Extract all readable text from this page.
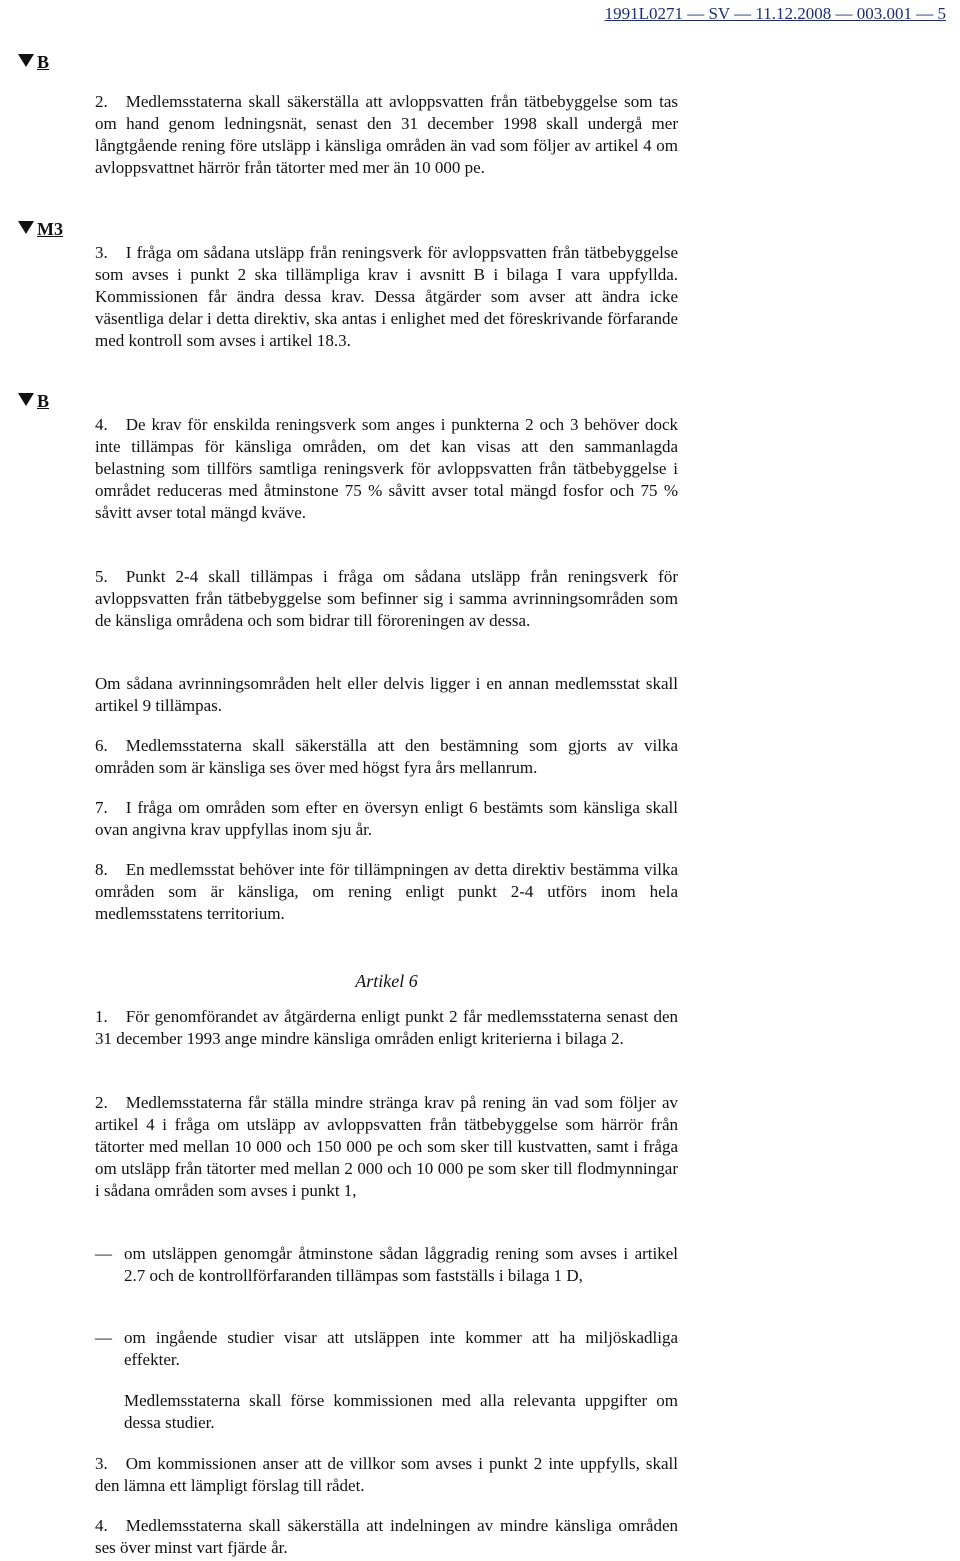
1991L0271 — SV — 11.12.2008 — 003.001 — 5
B
M3
B

2. Medlemsstaterna skall säkerställa att avloppsvatten från tätbebyggelse som tas om hand genom ledningsnät, senast den 31 december 1998 skall undergå mer långtgående rening före utsläpp i känsliga områden än vad som följer av artikel 4 om avloppsvattnet härrör från tätorter med mer än 10 000 pe.

3. I fråga om sådana utsläpp från reningsverk för avloppsvatten från tätbebyggelse som avses i punkt 2 ska tillämpliga krav i avsnitt B i bilaga I vara uppfyllda. Kommissionen får ändra dessa krav. Dessa åtgärder som avser att ändra icke väsentliga delar i detta direktiv, ska antas i enlighet med det föreskrivande förfarande med kontroll som avses i artikel 18.3.

4. De krav för enskilda reningsverk som anges i punkterna 2 och 3 behöver dock inte tillämpas för känsliga områden, om det kan visas att den sammanlagda belastning som tillförs samtliga reningsverk för avloppsvatten från tätbebyggelse i området reduceras med åtminstone 75 % såvitt avser total mängd fosfor och 75 % såvitt avser total mängd kväve.

5. Punkt 2-4 skall tillämpas i fråga om sådana utsläpp från reningsverk för avloppsvatten från tätbebyggelse som befinner sig i samma avrinningsområden som de känsliga områdena och som bidrar till föroreningen av dessa.

Om sådana avrinningsområden helt eller delvis ligger i en annan medlemsstat skall artikel 9 tillämpas.

6. Medlemsstaterna skall säkerställa att den bestämning som gjorts av vilka områden som är känsliga ses över med högst fyra års mellanrum.

7. I fråga om områden som efter en översyn enligt 6 bestämts som känsliga skall ovan angivna krav uppfyllas inom sju år.

8. En medlemsstat behöver inte för tillämpningen av detta direktiv bestämma vilka områden som är känsliga, om rening enligt punkt 2-4 utförs inom hela medlemsstatens territorium.

Artikel 6

1. För genomförandet av åtgärderna enligt punkt 2 får medlemsstaterna senast den 31 december 1993 ange mindre känsliga områden enligt kriterierna i bilaga 2.

2. Medlemsstaterna får ställa mindre stränga krav på rening än vad som följer av artikel 4 i fråga om utsläpp av avloppsvatten från tätbebyggelse som härrör från tätorter med mellan 10 000 och 150 000 pe och som sker till kustvatten, samt i fråga om utsläpp från tätorter med mellan 2 000 och 10 000 pe som sker till flodmynningar i sådana områden som avses i punkt 1,

— om utsläppen genomgår åtminstone sådan låggradig rening som avses i artikel 2.7 och de kontrollförfaranden tillämpas som fastställs i bilaga 1 D,

— om ingående studier visar att utsläppen inte kommer att ha miljöskadliga effekter.

Medlemsstaterna skall förse kommissionen med alla relevanta uppgifter om dessa studier.

3. Om kommissionen anser att de villkor som avses i punkt 2 inte uppfylls, skall den lämna ett lämpligt förslag till rådet.

4. Medlemsstaterna skall säkerställa att indelningen av mindre känsliga områden ses över minst vart fjärde år.
